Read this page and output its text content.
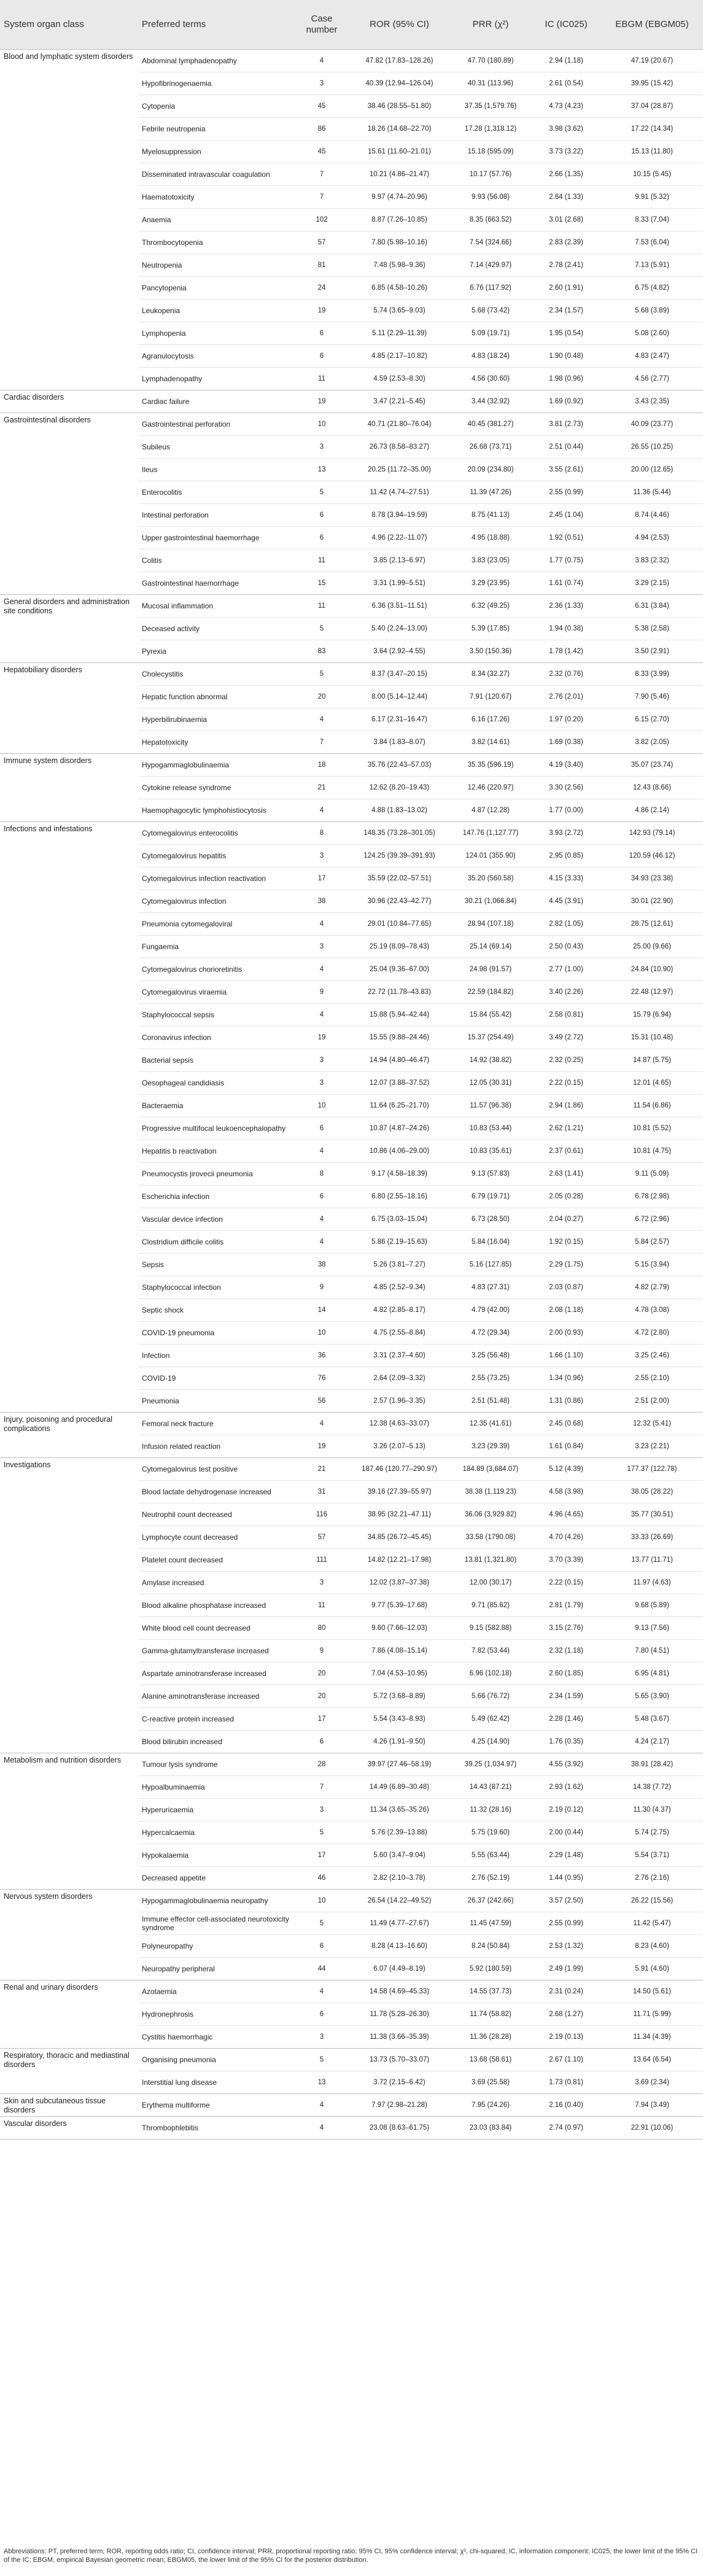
System organ class	Preferred terms	Case number	ROR (95% CI)	PRR (χ²)	IC (IC025)	EBGM (EBGM05)
Blood and lymphatic system disorders	Abdominal lymphadenopathy	4	47.82 (17.83–128.26)	47.70 (180.89)	2.94 (1.18)	47.19 (20.67)
	Hypofibrinogenaemia	3	40.39 (12.94–126.04)	40.31 (113.96)	2.61 (0.54)	39.95 (15.42)
	Cytopenia	45	38.46 (28.55–51.80)	37.35 (1,579.76)	4.73 (4.23)	37.04 (28.87)
	Febrile neutropenia	86	18.26 (14.68–22.70)	17.28 (1,318.12)	3.98 (3.62)	17.22 (14.34)
	Myelosuppression	45	15.61 (11.60–21.01)	15.18 (595.09)	3.73 (3.22)	15.13 (11.80)
	Disseminated intravascular coagulation	7	10.21 (4.86–21.47)	10.17 (57.76)	2.66 (1.35)	10.15 (5.45)
	Haematotoxicity	7	9.97 (4.74–20.96)	9.93 (56.08)	2.64 (1.33)	9.91 (5.32)
	Anaemia	102	8.87 (7.26–10.85)	8.35 (663.52)	3.01 (2.68)	8.33 (7.04)
	Thrombocytopenia	57	7.80 (5.98–10.16)	7.54 (324.66)	2.83 (2.39)	7.53 (6.04)
	Neutropenia	81	7.48 (5.98–9.36)	7.14 (429.97)	2.78 (2.41)	7.13 (5.91)
	Pancytopenia	24	6.85 (4.58–10.26)	6.76 (117.92)	2.60 (1.91)	6.75 (4.82)
	Leukopenia	19	5.74 (3.65–9.03)	5.68 (73.42)	2.34 (1.57)	5.68 (3.89)
	Lymphopenia	6	5.11 (2.29–11.39)	5.09 (19.71)	1.95 (0.54)	5.08 (2.60)
	Agranulocytosis	6	4.85 (2.17–10.82)	4.83 (18.24)	1.90 (0.48)	4.83 (2.47)
	Lymphadenopathy	11	4.59 (2.53–8.30)	4.56 (30.60)	1.98 (0.96)	4.56 (2.77)
Cardiac disorders	Cardiac failure	19	3.47 (2.21–5.45)	3.44 (32.92)	1.69 (0.92)	3.43 (2.35)
Gastrointestinal disorders	Gastrointestinal perforation	10	40.71 (21.80–76.04)	40.45 (381.27)	3.81 (2.73)	40.09 (23.77)
	Subileus	3	26.73 (8.58–83.27)	26.68 (73.71)	2.51 (0.44)	26.55 (10.25)
	Ileus	13	20.25 (11.72–35.00)	20.09 (234.80)	3.55 (2.61)	20.00 (12.65)
	Enterocolitis	5	11.42 (4.74–27.51)	11.39 (47.26)	2.55 (0.99)	11.36 (5.44)
	Intestinal perforation	6	8.78 (3.94–19.59)	8.75 (41.13)	2.45 (1.04)	8.74 (4.46)
	Upper gastrointestinal haemorrhage	6	4.96 (2.22–11.07)	4.95 (18.88)	1.92 (0.51)	4.94 (2.53)
	Colitis	11	3.85 (2.13–6.97)	3.83 (23.05)	1.77 (0.75)	3.83 (2.32)
	Gastrointestinal haemorrhage	15	3.31 (1.99–5.51)	3.29 (23.95)	1.61 (0.74)	3.29 (2.15)
General disorders and administration site conditions	Mucosal inflammation	11	6.36 (3.51–11.51)	6.32 (49.25)	2.36 (1.33)	6.31 (3.84)
	Deceased activity	5	5.40 (2.24–13.00)	5.39 (17.85)	1.94 (0.38)	5.38 (2.58)
	Pyrexia	83	3.64 (2.92–4.55)	3.50 (150.36)	1.78 (1.42)	3.50 (2.91)
Hepatobiliary disorders	Cholecystitis	5	8.37 (3.47–20.15)	8.34 (32.27)	2.32 (0.76)	8.33 (3.99)
	Hepatic function abnormal	20	8.00 (5.14–12.44)	7.91 (120.67)	2.76 (2.01)	7.90 (5.46)
	Hyperbilirubinaemia	4	6.17 (2.31–16.47)	6.16 (17.26)	1.97 (0.20)	6.15 (2.70)
	Hepatotoxicity	7	3.84 (1.83–8.07)	3.82 (14.61)	1.69 (0.38)	3.82 (2.05)
Immune system disorders	Hypogammaglobulinaemia	18	35.76 (22.43–57.03)	35.35 (596.19)	4.19 (3.40)	35.07 (23.74)
	Cytokine release syndrome	21	12.62 (8.20–19.43)	12.46 (220.97)	3.30 (2.56)	12.43 (8.66)
	Haemophagocytic lymphohistiocytosis	4	4.88 (1.83–13.02)	4.87 (12.28)	1.77 (0.00)	4.86 (2.14)
Infections and infestations	Cytomegalovirus enterocolitis	8	148.35 (73.28–301.05)	147.76 (1,127.77)	3.93 (2.72)	142.93 (79.14)
	Cytomegalovirus hepatitis	3	124.25 (39.39–391.93)	124.01 (355.90)	2.95 (0.85)	120.59 (46.12)
	Cytomegalovirus infection reactivation	17	35.59 (22.02–57.51)	35.20 (560.58)	4.15 (3.33)	34.93 (23.38)
	Cytomegalovirus infection	38	30.96 (22.43–42.77)	30.21 (1,066.84)	4.45 (3.91)	30.01 (22.90)
	Pneumonia cytomegaloviral	4	29.01 (10.84–77.65)	28.94 (107.18)	2.82 (1.05)	28.75 (12.61)
	Fungaemia	3	25.19 (8.09–78.43)	25.14 (69.14)	2.50 (0.43)	25.00 (9.66)
	Cytomegalovirus chorioretinitis	4	25.04 (9.36–67.00)	24.98 (91.57)	2.77 (1.00)	24.84 (10.90)
	Cytomegalovirus viraemia	9	22.72 (11.78–43.83)	22.59 (184.82)	3.40 (2.26)	22.48 (12.97)
	Staphylococcal sepsis	4	15.88 (5.94–42.44)	15.84 (55.42)	2.58 (0.81)	15.79 (6.94)
	Coronavirus infection	19	15.55 (9.88–24.46)	15.37 (254.49)	3.49 (2.72)	15.31 (10.48)
	Bacterial sepsis	3	14.94 (4.80–46.47)	14.92 (38.82)	2.32 (0.25)	14.87 (5.75)
	Oesophageal candidiasis	3	12.07 (3.88–37.52)	12.05 (30.31)	2.22 (0.15)	12.01 (4.65)
	Bacteraemia	10	11.64 (6.25–21.70)	11.57 (96.38)	2.94 (1.86)	11.54 (6.86)
	Progressive multifocal leukoencephalopathy	6	10.87 (4.87–24.26)	10.83 (53.44)	2.62 (1.21)	10.81 (5.52)
	Hepatitis b reactivation	4	10.86 (4.06–29.00)	10.83 (35.61)	2.37 (0.61)	10.81 (4.75)
	Pneumocystis jirovecii pneumonia	8	9.17 (4.58–18.39)	9.13 (57.83)	2.63 (1.41)	9.11 (5.09)
	Escherichia infection	6	6.80 (2.55–18.16)	6.79 (19.71)	2.05 (0.28)	6.78 (2.98)
	Vascular device infection	4	6.75 (3.03–15.04)	6.73 (28.50)	2.04 (0.27)	6.72 (2.96)
	Clostridium difficile colitis	4	5.86 (2.19–15.63)	5.84 (16.04)	1.92 (0.15)	5.84 (2.57)
	Sepsis	38	5.26 (3.81–7.27)	5.16 (127.85)	2.29 (1.75)	5.15 (3.94)
	Staphylococcal infection	9	4.85 (2.52–9.34)	4.83 (27.31)	2.03 (0.87)	4.82 (2.79)
	Septic shock	14	4.82 (2.85–8.17)	4.79 (42.00)	2.08 (1.18)	4.78 (3.08)
	COVID-19 pneumonia	10	4.75 (2.55–8.84)	4.72 (29.34)	2.00 (0.93)	4.72 (2.80)
	Infection	36	3.31 (2.37–4.60)	3.25 (56.48)	1.66 (1.10)	3.25 (2.46)
	COVID-19	76	2.64 (2.09–3.32)	2.55 (73.25)	1.34 (0.96)	2.55 (2.10)
	Pneumonia	56	2.57 (1.96–3.35)	2.51 (51.48)	1.31 (0.86)	2.51 (2.00)
Injury, poisoning and procedural complications	Femoral neck fracture	4	12.38 (4.63–33.07)	12.35 (41.61)	2.45 (0.68)	12.32 (5.41)
	Infusion related reaction	19	3.26 (2.07–5.13)	3.23 (29.39)	1.61 (0.84)	3.23 (2.21)
Investigations	Cytomegalovirus test positive	21	187.46 (120.77–290.97)	184.89 (3,684.07)	5.12 (4.39)	177.37 (122.78)
	Blood lactate dehydrogenase increased	31	39.16 (27.39–55.97)	38.38 (1,119.23)	4.58 (3.98)	38.05 (28.22)
	Neutrophil count decreased	116	38.95 (32.21–47.11)	36.06 (3,929.82)	4.96 (4.65)	35.77 (30.51)
	Lymphocyte count decreased	57	34.85 (26.72–45.45)	33.58 (1790.08)	4.70 (4.26)	33.33 (26.69)
	Platelet count decreased	111	14.82 (12.21–17.98)	13.81 (1,321.80)	3.70 (3.39)	13.77 (11.71)
	Amylase increased	3	12.02 (3.87–37.38)	12.00 (30.17)	2.22 (0.15)	11.97 (4.63)
	Blood alkaline phosphatase increased	11	9.77 (5.39–17.68)	9.71 (85.62)	2.81 (1.79)	9.68 (5.89)
	White blood cell count decreased	80	9.60 (7.66–12.03)	9.15 (582.88)	3.15 (2.76)	9.13 (7.56)
	Gamma-glutamyltransferase increased	9	7.86 (4.08–15.14)	7.82 (53.44)	2.32 (1.18)	7.80 (4.51)
	Aspartate aminotransferase increased	20	7.04 (4.53–10.95)	6.96 (102.18)	2.60 (1.85)	6.95 (4.81)
	Alanine aminotransferase increased	20	5.72 (3.68–8.89)	5.66 (76.72)	2.34 (1.59)	5.65 (3.90)
	C-reactive protein increased	17	5.54 (3.43–8.93)	5.49 (62.42)	2.28 (1.46)	5.48 (3.67)
	Blood bilirubin increased	6	4.26 (1.91–9.50)	4.25 (14.90)	1.76 (0.35)	4.24 (2.17)
Metabolism and nutrition disorders	Tumour lysis syndrome	28	39.97 (27.46–58.19)	39.25 (1,034.97)	4.55 (3.92)	38.91 (28.42)
	Hypoalbuminaemia	7	14.49 (6.89–30.48)	14.43 (87.21)	2.93 (1.62)	14.38 (7.72)
	Hyperuricaemia	3	11.34 (3.65–35.26)	11.32 (28.16)	2.19 (0.12)	11.30 (4.37)
	Hypercalcaemia	5	5.76 (2.39–13.88)	5.75 (19.60)	2.00 (0.44)	5.74 (2.75)
	Hypokalaemia	17	5.60 (3.47–9.04)	5.55 (63.44)	2.29 (1.48)	5.54 (3.71)
	Decreased appetite	46	2.82 (2.10–3.78)	2.76 (52.19)	1.44 (0.95)	2.76 (2.16)
Nervous system disorders	Hypogammaglobulinaemia neuropathy	10	26.54 (14.22–49.52)	26.37 (242.66)	3.57 (2.50)	26.22 (15.56)
	Immune effector cell-associated neurotoxicity syndrome	5	11.49 (4.77–27.67)	11.45 (47.59)	2.55 (0.99)	11.42 (5.47)
	Polyneuropathy	6	8.28 (4.13–16.60)	8.24 (50.84)	2.53 (1.32)	8.23 (4.60)
	Neuropathy peripheral	44	6.07 (4.49–8.19)	5.92 (180.59)	2.49 (1.99)	5.91 (4.60)
Renal and urinary disorders	Azotaemia	4	14.58 (4.69–45.33)	14.55 (37.73)	2.31 (0.24)	14.50 (5.61)
	Hydronephrosis	6	11.78 (5.28–26.30)	11.74 (58.82)	2.68 (1.27)	11.71 (5.99)
	Cystitis haemorrhagic	3	11.38 (3.66–35.39)	11.36 (28.28)	2.19 (0.13)	11.34 (4.39)
Respiratory, thoracic and mediastinal disorders	Organising pneumonia	5	13.73 (5.70–33.07)	13.68 (58.61)	2.67 (1.10)	13.64 (6.54)
	Interstitial lung disease	13	3.72 (2.15–6.42)	3.69 (25.58)	1.73 (0.81)	3.69 (2.34)
Skin and subcutaneous tissue disorders	Erythema multiforme	4	7.97 (2.98–21.28)	7.95 (24.26)	2.16 (0.40)	7.94 (3.49)
Vascular disorders	Thrombophlebitis	4	23.08 (8.63–61.75)	23.03 (83.84)	2.74 (0.97)	22.91 (10.06)
Abbreviations: PT, preferred term; ROR, reporting odds ratio; CI, confidence interval; PRR, proportional reporting ratio; 95% CI, 95% confidence interval; χ², chi-squared; IC, information component; IC025, the lower limit of the 95% CI of the IC; EBGM, empirical Bayesian geometric mean; EBGM05, the lower limit of the 95% CI for the posterior distribution.
